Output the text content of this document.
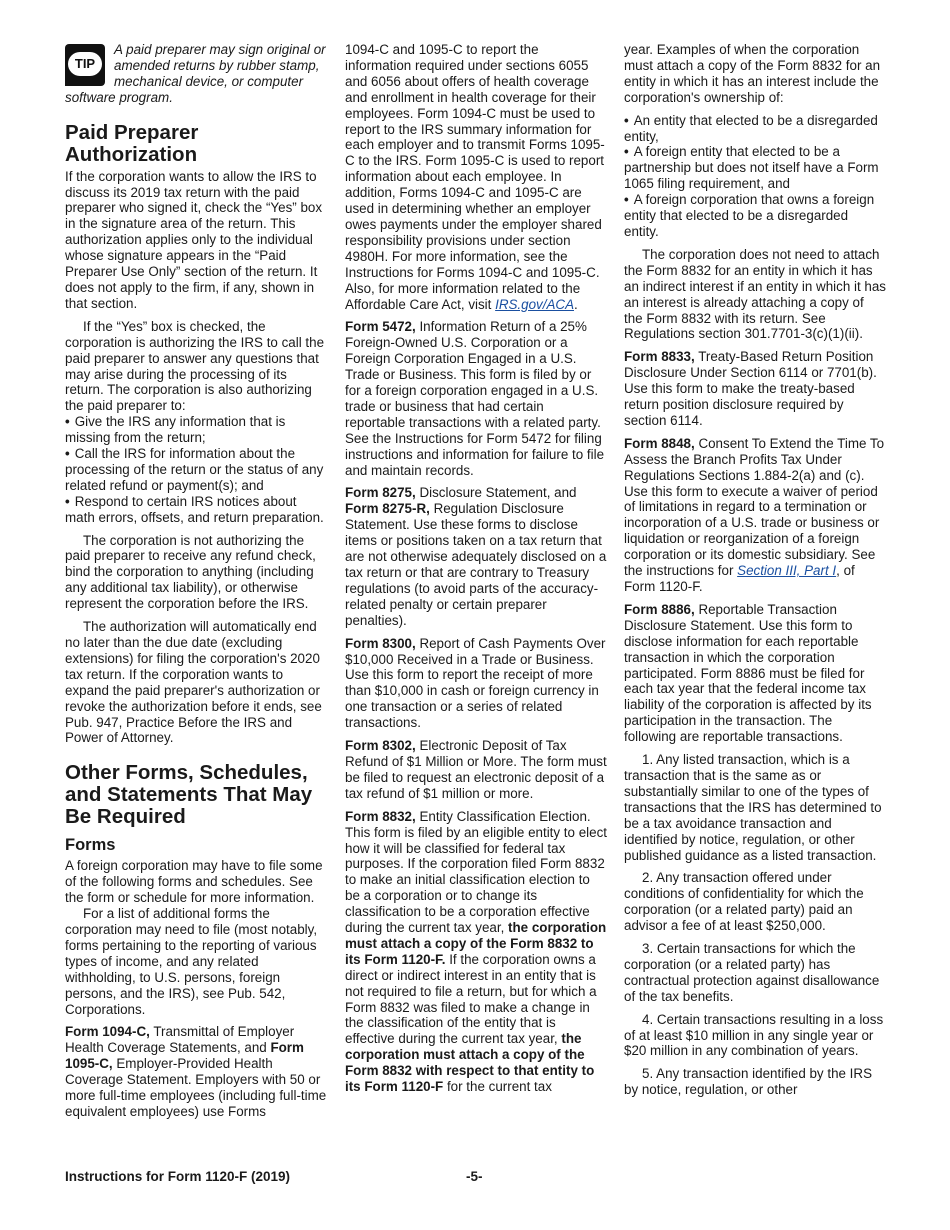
TIP
A paid preparer may sign original or amended returns by rubber stamp, mechanical device, or computer software program.
Paid Preparer Authorization

If the corporation wants to allow the IRS to discuss its 2019 tax return with the paid preparer who signed it, check the “Yes” box in the signature area of the return. This authorization applies only to the individual whose signature appears in the “Paid Preparer Use Only” section of the return. It does not apply to the firm, if any, shown in that section.

If the “Yes” box is checked, the corporation is authorizing the IRS to call the paid preparer to answer any questions that may arise during the processing of its return. The corporation is also authorizing the paid preparer to:

• Give the IRS any information that is missing from the return;

• Call the IRS for information about the processing of the return or the status of any related refund or payment(s); and

• Respond to certain IRS notices about math errors, offsets, and return preparation.

The corporation is not authorizing the paid preparer to receive any refund check, bind the corporation to anything (including any additional tax liability), or otherwise represent the corporation before the IRS.

The authorization will automatically end no later than the due date (excluding extensions) for filing the corporation's 2020 tax return. If the corporation wants to expand the paid preparer's authorization or revoke the authorization before it ends, see Pub. 947, Practice Before the IRS and Power of Attorney.

Other Forms, Schedules, and Statements That May Be Required
Forms

A foreign corporation may have to file some of the following forms and schedules. See the form or schedule for more information.

For a list of additional forms the corporation may need to file (most notably, forms pertaining to the reporting of various types of income, and any related withholding, to U.S. persons, foreign persons, and the IRS), see Pub. 542, Corporations.

Form 1094-C, Transmittal of Employer Health Coverage Statements, and Form 1095-C, Employer-Provided Health Coverage Statement. Employers with 50 or more full-time employees (including full-time equivalent employees) use Forms

1094-C and 1095-C to report the information required under sections 6055 and 6056 about offers of health coverage and enrollment in health coverage for their employees. Form 1094-C must be used to report to the IRS summary information for each employer and to transmit Forms 1095-C to the IRS. Form 1095-C is used to report information about each employee. In addition, Forms 1094-C and 1095-C are used in determining whether an employer owes payments under the employer shared responsibility provisions under section 4980H. For more information, see the Instructions for Forms 1094-C and 1095-C. Also, for more information related to the Affordable Care Act, visit IRS.gov/ACA.

Form 5472, Information Return of a 25% Foreign-Owned U.S. Corporation or a Foreign Corporation Engaged in a U.S. Trade or Business. This form is filed by or for a foreign corporation engaged in a U.S. trade or business that had certain reportable transactions with a related party. See the Instructions for Form 5472 for filing instructions and information for failure to file and maintain records.

Form 8275, Disclosure Statement, and Form 8275-R, Regulation Disclosure Statement. Use these forms to disclose items or positions taken on a tax return that are not otherwise adequately disclosed on a tax return or that are contrary to Treasury regulations (to avoid parts of the accuracy-related penalty or certain preparer penalties).

Form 8300, Report of Cash Payments Over $10,000 Received in a Trade or Business. Use this form to report the receipt of more than $10,000 in cash or foreign currency in one transaction or a series of related transactions.

Form 8302, Electronic Deposit of Tax Refund of $1 Million or More. The form must be filed to request an electronic deposit of a tax refund of $1 million or more.

Form 8832, Entity Classification Election. This form is filed by an eligible entity to elect how it will be classified for federal tax purposes. If the corporation filed Form 8832 to make an initial classification election to be a corporation or to change its classification to be a corporation effective during the current tax year, the corporation must attach a copy of the Form 8832 to its Form 1120-F. If the corporation owns a direct or indirect interest in an entity that is not required to file a return, but for which a Form 8832 was filed to make a change in the classification of the entity that is effective during the current tax year, the corporation must attach a copy of the Form 8832 with respect to that entity to its Form 1120-F for the current tax

year. Examples of when the corporation must attach a copy of the Form 8832 for an entity in which it has an interest include the corporation's ownership of:

• An entity that elected to be a disregarded entity,

• A foreign entity that elected to be a partnership but does not itself have a Form 1065 filing requirement, and

• A foreign corporation that owns a foreign entity that elected to be a disregarded entity.

The corporation does not need to attach the Form 8832 for an entity in which it has an indirect interest if an entity in which it has an interest is already attaching a copy of the Form 8832 with its return. See Regulations section 301.7701-3(c)(1)(ii).

Form 8833, Treaty-Based Return Position Disclosure Under Section 6114 or 7701(b). Use this form to make the treaty-based return position disclosure required by section 6114.

Form 8848, Consent To Extend the Time To Assess the Branch Profits Tax Under Regulations Sections 1.884-2(a) and (c). Use this form to execute a waiver of period of limitations in regard to a termination or incorporation of a U.S. trade or business or liquidation or reorganization of a foreign corporation or its domestic subsidiary. See the instructions for Section III, Part I, of Form 1120-F.

Form 8886, Reportable Transaction Disclosure Statement. Use this form to disclose information for each reportable transaction in which the corporation participated. Form 8886 must be filed for each tax year that the federal income tax liability of the corporation is affected by its participation in the transaction. The following are reportable transactions.

1. Any listed transaction, which is a transaction that is the same as or substantially similar to one of the types of transactions that the IRS has determined to be a tax avoidance transaction and identified by notice, regulation, or other published guidance as a listed transaction.

2. Any transaction offered under conditions of confidentiality for which the corporation (or a related party) paid an advisor a fee of at least $250,000.

3. Certain transactions for which the corporation (or a related party) has contractual protection against disallowance of the tax benefits.

4. Certain transactions resulting in a loss of at least $10 million in any single year or $20 million in any combination of years.

5. Any transaction identified by the IRS by notice, regulation, or other

Instructions for Form 1120-F (2019)	-5-
